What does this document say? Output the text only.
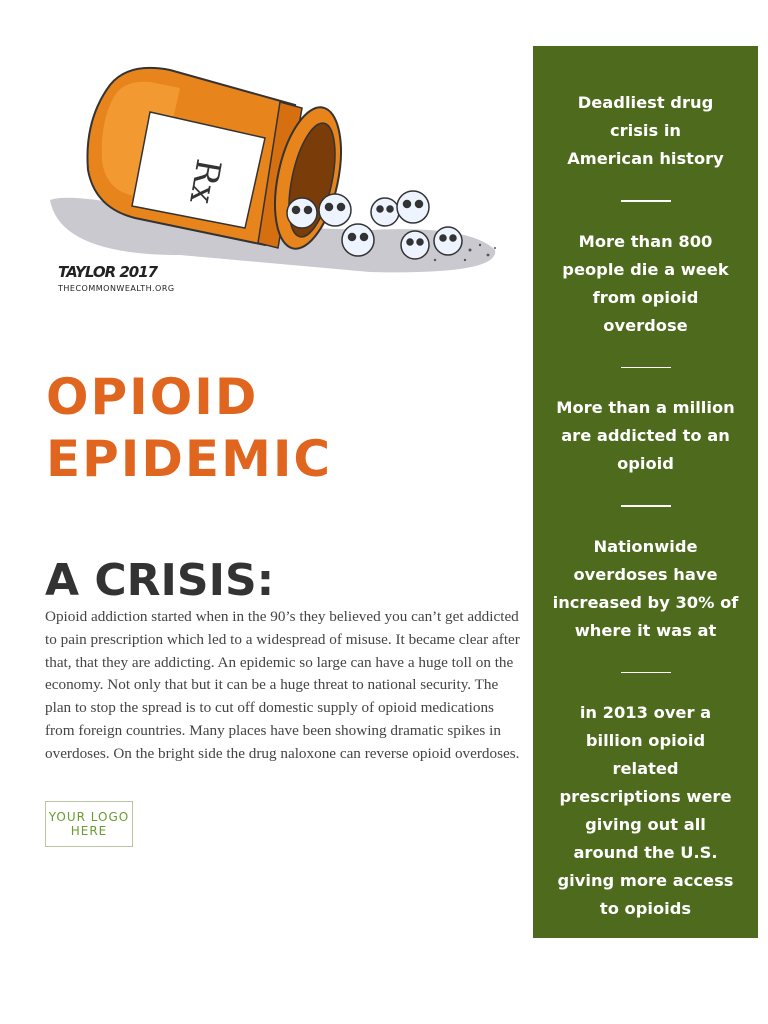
Rx
TAYLOR 2017
THECOMMONWEALTH.ORG
OPIOID
EPIDEMIC
A CRISIS:

Opioid addiction started when in the 90’s they believed you can’t get addicted to pain prescription which led to a widespread of misuse. It became clear after that, that they are addicting. An epidemic so large can have a huge toll on the economy. Not only that but it can be a huge threat to national security. The plan to stop the spread is to cut off domestic supply of opioid medications from foreign countries. Many places have been showing dramatic spikes in overdoses. On the bright side the drug naloxone can reverse opioid overdoses.

YOUR LOGO
HERE

Deadliest drug crisis in American history

More than 800 people die a week from opioid overdose

More than a million are addicted to an opioid

Nationwide overdoses have increased by 30% of where it was at

in 2013 over a billion opioid related prescriptions were giving out all around the U.S. giving more access to opioids
